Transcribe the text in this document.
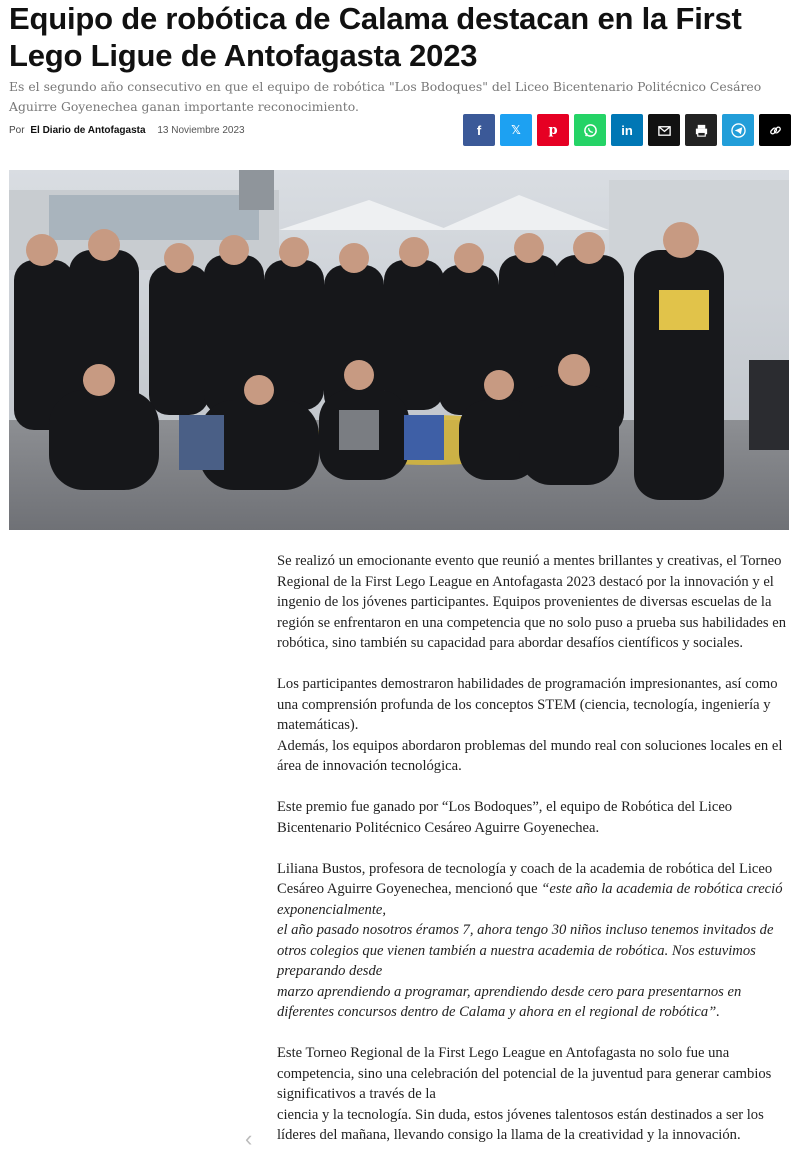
Equipo de robótica de Calama destacan en la First Lego Ligue de Antofagasta 2023

Es el segundo año consecutivo en que el equipo de robótica "Los Bodoques" del Liceo Bicentenario Politécnico Cesáreo Aguirre Goyenechea ganan importante reconocimiento.

Por El Diario de Antofagasta 13 Noviembre 2023	f 𝕏 p	in

Se realizó un emocionante evento que reunió a mentes brillantes y creativas, el Torneo Regional de la First Lego League en Antofagasta 2023 destacó por la innovación y el ingenio de los jóvenes participantes. Equipos provenientes de diversas escuelas de la región se enfrentaron en una competencia que no solo puso a prueba sus habilidades en robótica, sino también su capacidad para abordar desafíos científicos y sociales.

Los participantes demostraron habilidades de programación impresionantes, así como una comprensión profunda de los conceptos STEM (ciencia, tecnología, ingeniería y matemáticas).
Además, los equipos abordaron problemas del mundo real con soluciones locales en el área de innovación tecnológica.

Este premio fue ganado por “Los Bodoques”, el equipo de Robótica del Liceo Bicentenario Politécnico Cesáreo Aguirre Goyenechea.

Liliana Bustos, profesora de tecnología y coach de la academia de robótica del Liceo Cesáreo Aguirre Goyenechea, mencionó que “este año la academia de robótica creció exponencialmente,
el año pasado nosotros éramos 7, ahora tengo 30 niños incluso tenemos invitados de otros colegios que vienen también a nuestra academia de robótica. Nos estuvimos preparando desde
marzo aprendiendo a programar, aprendiendo desde cero para presentarnos en diferentes concursos dentro de Calama y ahora en el regional de robótica”.

Este Torneo Regional de la First Lego League en Antofagasta no solo fue una competencia, sino una celebración del potencial de la juventud para generar cambios significativos a través de la
ciencia y la tecnología. Sin duda, estos jóvenes talentosos están destinados a ser los líderes del mañana, llevando consigo la llama de la creatividad y la innovación.

‹
